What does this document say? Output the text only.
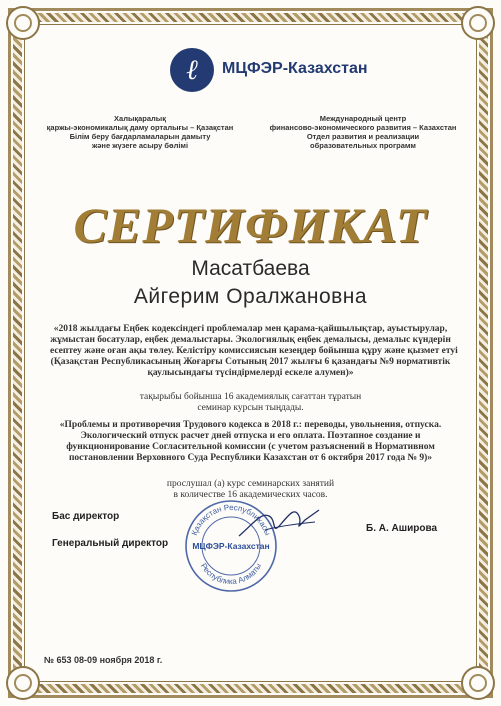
ℓ	МЦФЭР-Казахстан
Халықаралық
қаржы-экономикалық даму орталығы – Қазақстан
Білім беру бағдарламаларын дамыту
және жүзеге асыру бөлімі
Международный центр
финансово-экономического развития – Казахстан
Отдел развития и реализации
образовательных программ
СЕРТИФИКАТ
Масатбаева
Айгерим Оралжановна
«2018 жылдағы Еңбек кодексіндегі проблемалар мен қарама-қайшылықтар, ауыстырулар,
жұмыстан босатулар, еңбек демалыстары. Экологиялық еңбек демалысы, демалыс күндерін
есептеу және оған ақы төлеу. Келістіру комиссиясын кезеңдер бойынша құру және қызмет етуі
(Қазақстан Республикасының Жоғарғы Сотының 2017 жылғы 6 қазандағы №9 нормативтік
қаулысындағы түсіндірмелерді ескеле алумен)»
тақырыбы бойынша 16 академиялық сағаттан тұратын
семинар курсын тыңдады.
«Проблемы и противоречия Трудового кодекса в 2018 г.: переводы, увольнения, отпуска.
Экологический отпуск расчет дней отпуска и его оплата. Поэтапное создание и
функционирование Согласительной комиссии (с учетом разъяснений в Нормативном
постановлении Верховного Суда Республики Казахстан от 6 октября 2017 года № 9)»
прослушал (а) курс семинарских занятий
в количестве 16 академических часов.
Бас директор
Генеральный директор
Б. А. Аширова
Қазақстан Республикасы
Республика Алматы
МЦФЭР-Казахстан
№ 653 08-09 ноября 2018 г.
